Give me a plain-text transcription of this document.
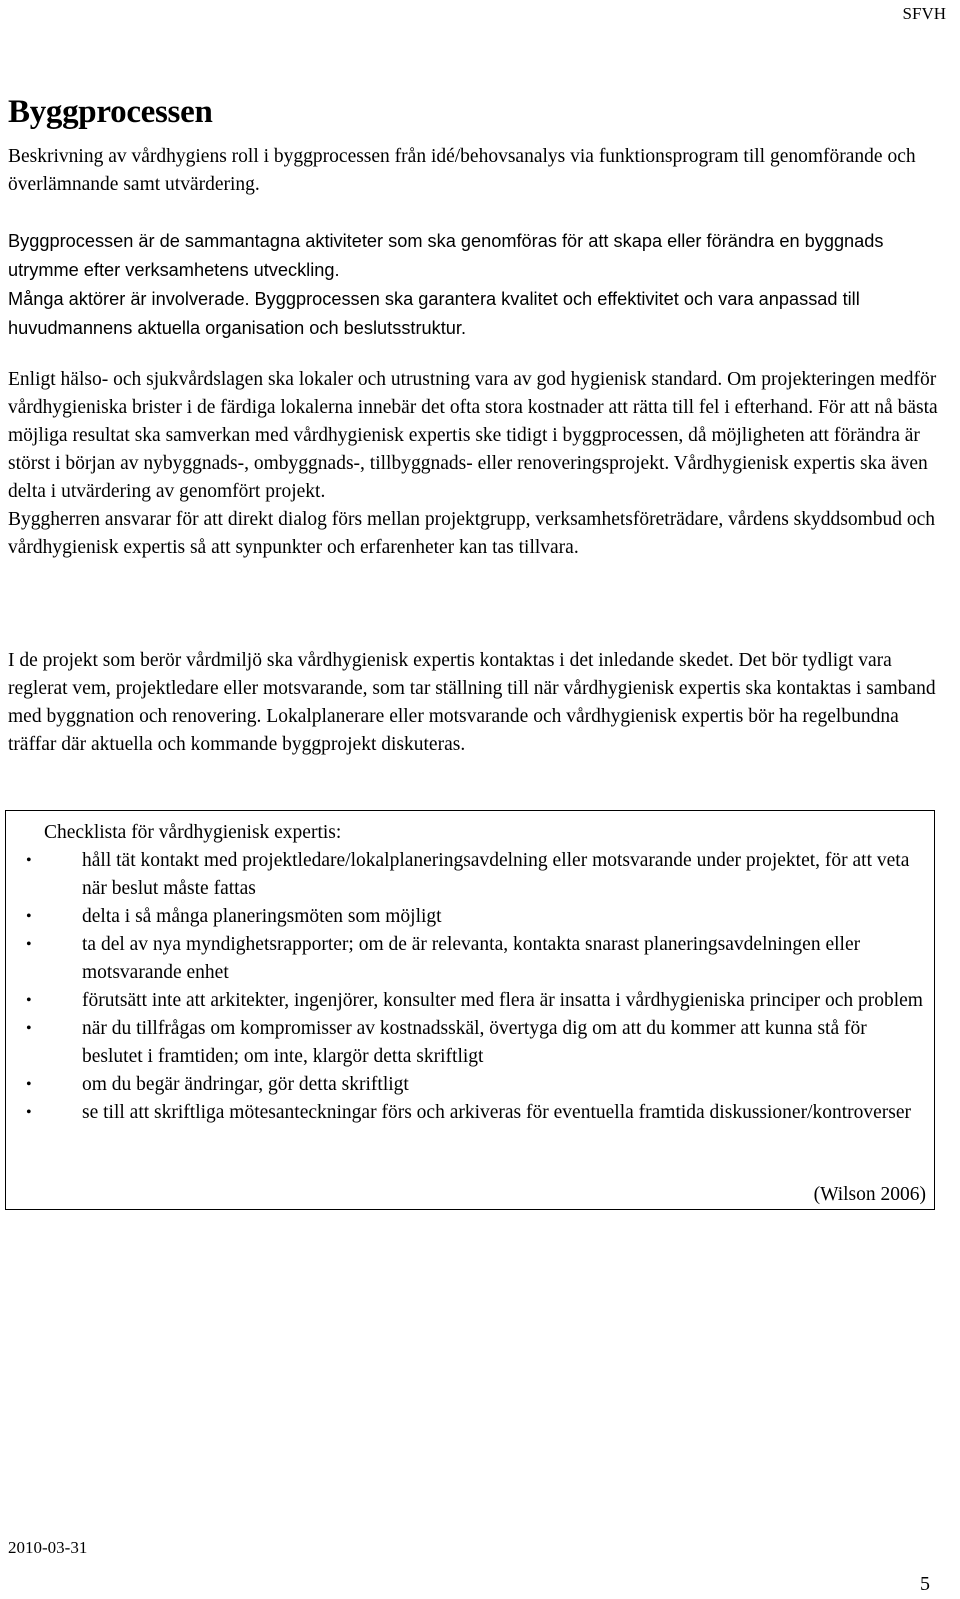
SFVH
Byggprocessen

Beskrivning av vårdhygiens roll i byggprocessen från idé/behovsanalys via funktionsprogram till genomförande och överlämnande samt utvärdering.

Byggprocessen är de sammantagna aktiviteter som ska genomföras för att skapa eller förändra en byggnads utrymme efter verksamhetens utveckling.
Många aktörer är involverade. Byggprocessen ska garantera kvalitet och effektivitet och vara anpassad till huvudmannens aktuella organisation och beslutsstruktur.
Enligt hälso- och sjukvårdslagen ska lokaler och utrustning vara av god hygienisk standard. Om projekteringen medför vårdhygieniska brister i de färdiga lokalerna innebär det ofta stora kostnader att rätta till fel i efterhand. För att nå bästa möjliga resultat ska samverkan med vårdhygienisk expertis ske tidigt i byggprocessen, då möjligheten att förändra är störst i början av nybyggnads-, ombyggnads-, tillbyggnads- eller renoveringsprojekt. Vårdhygienisk expertis ska även delta i utvärdering av genomfört projekt.
Byggherren ansvarar för att direkt dialog förs mellan projektgrupp, verksamhetsföreträdare, vårdens skyddsombud och vårdhygienisk expertis så att synpunkter och erfarenheter kan tas tillvara.

I de projekt som berör vårdmiljö ska vårdhygienisk expertis kontaktas i det inledande skedet. Det bör tydligt vara reglerat vem, projektledare eller motsvarande, som tar ställning till när vårdhygienisk expertis ska kontaktas i samband med byggnation och renovering. Lokalplanerare eller motsvarande och vårdhygienisk expertis bör ha regelbundna träffar där aktuella och kommande byggprojekt diskuteras.

Checklista för vårdhygienisk expertis:
•	håll tät kontakt med projektledare/lokalplaneringsavdelning eller motsvarande under projektet, för att veta när beslut måste fattas
•	delta i så många planeringsmöten som möjligt
•	ta del av nya myndighetsrapporter; om de är relevanta, kontakta snarast planeringsavdelningen eller motsvarande enhet
•	förutsätt inte att arkitekter, ingenjörer, konsulter med flera är insatta i vårdhygieniska principer och problem
•	när du tillfrågas om kompromisser av kostnadsskäl, övertyga dig om att du kommer att kunna stå för beslutet i framtiden; om inte, klargör detta skriftligt
•	om du begär ändringar, gör detta skriftligt
•	se till att skriftliga mötesanteckningar förs och arkiveras för eventuella framtida diskussioner/kontroverser
(Wilson 2006)
2010-03-31
5
